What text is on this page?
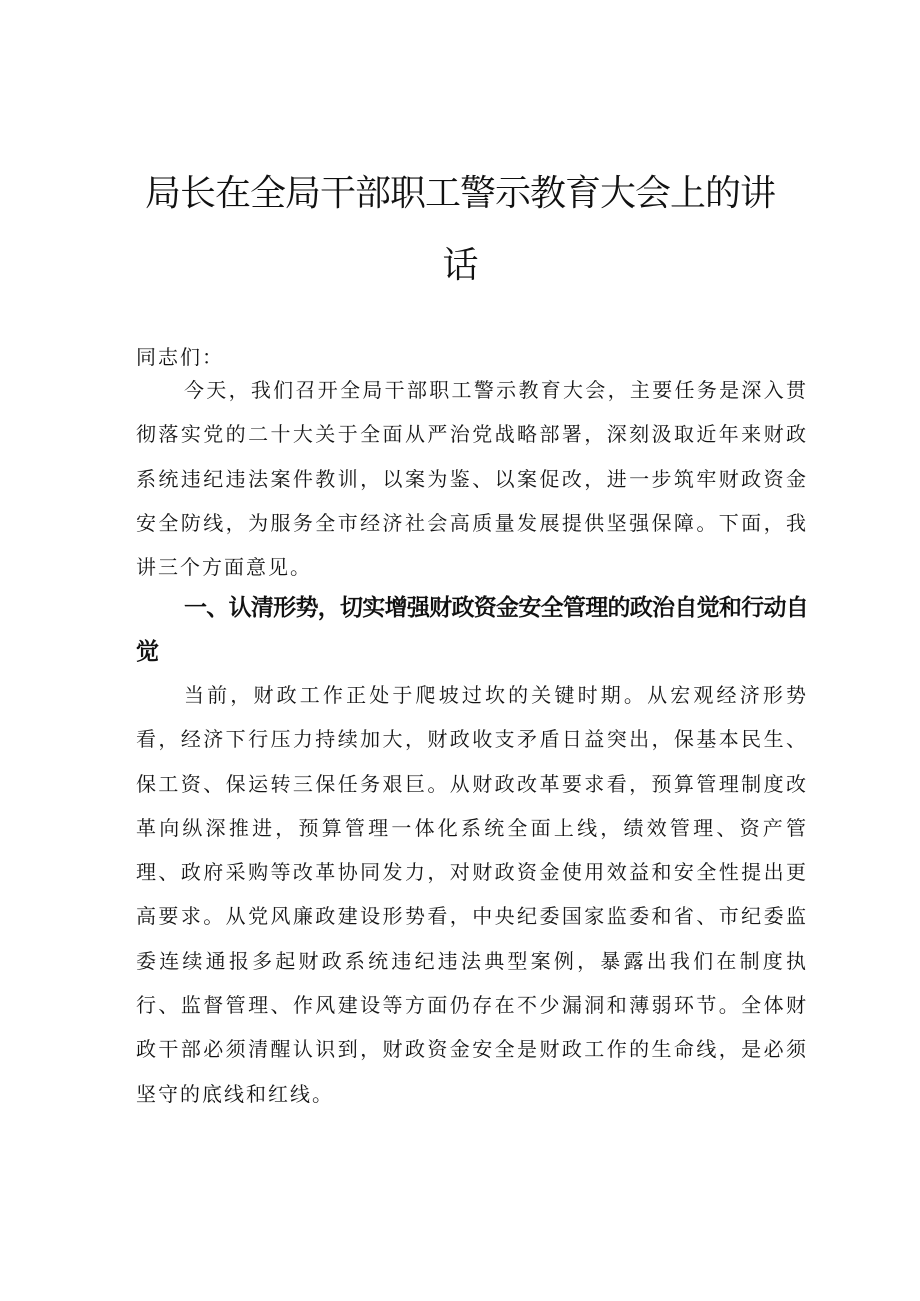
局长在全局干部职工警示教育大会上的讲话

同志们：

今天，我们召开全局干部职工警示教育大会，主要任务是深入贯彻落实党的二十大关于全面从严治党战略部署，深刻汲取近年来财政系统违纪违法案件教训，以案为鉴、以案促改，进一步筑牢财政资金安全防线，为服务全市经济社会高质量发展提供坚强保障。下面，我讲三个方面意见。

一、认清形势，切实增强财政资金安全管理的政治自觉和行动自觉

当前，财政工作正处于爬坡过坎的关键时期。从宏观经济形势看，经济下行压力持续加大，财政收支矛盾日益突出，保基本民生、保工资、保运转三保任务艰巨。从财政改革要求看，预算管理制度改革向纵深推进，预算管理一体化系统全面上线，绩效管理、资产管理、政府采购等改革协同发力，对财政资金使用效益和安全性提出更高要求。从党风廉政建设形势看，中央纪委国家监委和省、市纪委监委连续通报多起财政系统违纪违法典型案例，暴露出我们在制度执行、监督管理、作风建设等方面仍存在不少漏洞和薄弱环节。全体财政干部必须清醒认识到，财政资金安全是财政工作的生命线，是必须坚守的底线和红线。
